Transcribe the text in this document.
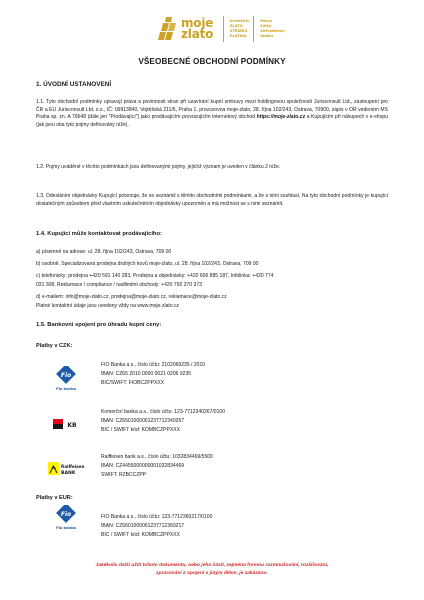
moje
zlato
Investiční
ZLATO
STŘÍBRO
PLATINA
Mince
Slitky
Sběratelství
Umění
VŠEOBECNÉ OBCHODNÍ PODMÍNKY
1. ÚVODNÍ USTANOVENÍ
1.1. Tyto obchodní podmínky upravují práva a povinnosti stran při uzavírání kupní smlouvy mezi holdingovou společností Jurisconsult Ltd., zastoupení pro ČR a EU Jurisconsult Ltd. o.z., IČ: 09913840, Vojtěšská 211/6, Praha 1, provozovna moje-zlato, 28. října 102/243, Ostrava, 70900, zápis v OR vedeném MS Praha sp. zn. A 79648 (dále jen "Prodávající") jako prodávajícím provozujícím internetový obchod https://moje-zlato.cz a Kupujícím při nákupech v e-shopu (jak jsou oba tyto pojmy definovány níže).
1.2. Pojmy uváděné v těchto podmínkách jsou definovanými pojmy, jejichž význam je uveden v článku 2 níže.
1.3. Odesláním objednávky Kupující potvrzuje, že se seznámil s těmito obchodními podmínkami, a že s nimi souhlasí. Na tyto obchodní podmínky je kupující dostatečným způsobem před vlastním uskutečněním objednávky upozorněn a má možnost se s nimi seznámit.
1.4. Kupující může kontaktovat prodávajícího:
a) písemně na adrese: ul. 28. října 102/243, Ostrava, 709 00
b) osobně, Specializovaná prodejna drahých kovů moje-zlato, ul. 28. října 102/243, Ostrava, 709 00
c) telefonicky: prodejna +420 591 140 283, Prodejna a objednávky: +420 606 885 187, Infolinka: +420 774
031 308, Reklamace / compliance / nadlimitní obchody: +420 792 270 373
d) e-mailem: info@moje-zlato.cz, prodejna@moje-zlato.cz, reklamace@moje-zlato.cz
Platné kontaktní údaje jsou uvedeny vždy na www.moje-zlato.cz
1.5. Bankovní spojení pro úhradu kupní ceny:
Platby v CZK:
Fio
Fio banka
FIO Banka a.s., číslo účtu: 2102069235 / 2010
IBAN: CZ65 2010 0000 0021 0206 9235
BIC/SWIFT: FIOBCZPPXXX
KB
Komerční banka a.s., číslo účtu: 123-7712340267/0100
IBAN: CZ6501000001237712340267
BIC / SWIFT kód: KOMBCZPPXXX
Raiffeisen
BANK
Raiffeisen bank a.s., číslo účtu: 1032834469/5500
IBAN: CZ4455000000001032834469
SWIFT: RZBCCZPP
Platby v EUR:
Fio
Fio banka
FIO Banka a.s., číslo účtu: 123-7712360217/0100
IBAN: CZ5601000001237712360217
BIC / SWIFT kód: KOMBCZPPXXX
Jakékoliv další užití tohoto dokumentu, nebo jeho části, zejména formou rozmnožování, rozšiřování,
zpracování a spojení s jiným dílem, je zakázáno.
